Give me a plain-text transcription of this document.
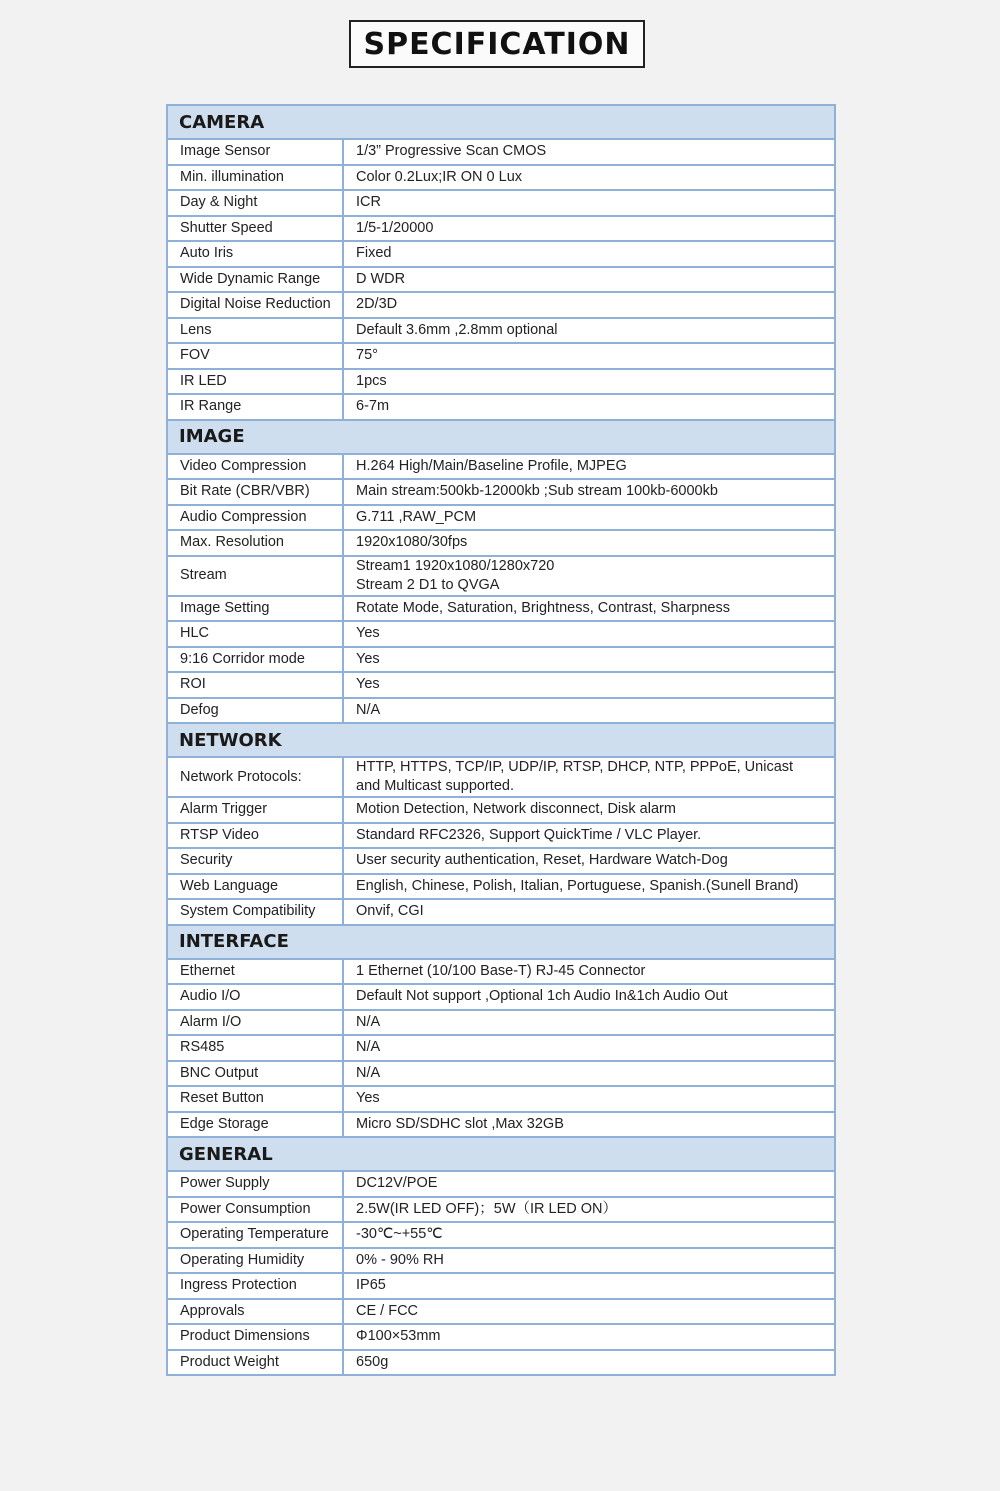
SPECIFICATION
CAMERA	
Image Sensor	1/3” Progressive Scan CMOS
Min. illumination	Color 0.2Lux;IR ON 0 Lux
Day & Night	ICR
Shutter Speed	1/5-1/20000
Auto Iris	Fixed
Wide Dynamic Range	D WDR
Digital Noise Reduction	2D/3D
Lens	Default 3.6mm ,2.8mm optional
FOV	75°
IR LED	1pcs
IR Range	6-7m
IMAGE	
Video Compression	H.264 High/Main/Baseline Profile, MJPEG
Bit Rate (CBR/VBR)	Main stream:500kb-12000kb ;Sub stream 100kb-6000kb
Audio Compression	G.711 ,RAW_PCM
Max. Resolution	1920x1080/30fps
Stream	Stream1 1920x1080/1280x720
Stream 2 D1 to QVGA

Image Setting	Rotate Mode, Saturation, Brightness, Contrast, Sharpness
HLC	Yes
9:16 Corridor mode	Yes
ROI	Yes
Defog	N/A
NETWORK	
Network Protocols:	HTTP, HTTPS, TCP/IP, UDP/IP, RTSP, DHCP, NTP, PPPoE, Unicast
and Multicast supported.

Alarm Trigger	Motion Detection, Network disconnect, Disk alarm
RTSP Video	Standard RFC2326, Support QuickTime / VLC Player.
Security	User security authentication, Reset, Hardware Watch-Dog
Web Language	English, Chinese, Polish, Italian, Portuguese, Spanish.(Sunell Brand)
System Compatibility	Onvif, CGI
INTERFACE	
Ethernet	1 Ethernet (10/100 Base-T) RJ-45 Connector
Audio I/O	Default Not support ,Optional 1ch Audio In&1ch Audio Out
Alarm I/O	N/A
RS485	N/A
BNC Output	N/A
Reset Button	Yes
Edge Storage	Micro SD/SDHC slot ,Max 32GB
GENERAL	
Power Supply	DC12V/POE
Power Consumption	2.5W(IR LED OFF)；5W（IR LED ON）
Operating Temperature	-30℃~+55℃
Operating Humidity	0% - 90% RH
Ingress Protection	IP65
Approvals	CE / FCC
Product Dimensions	Φ100×53mm
Product Weight	650g
